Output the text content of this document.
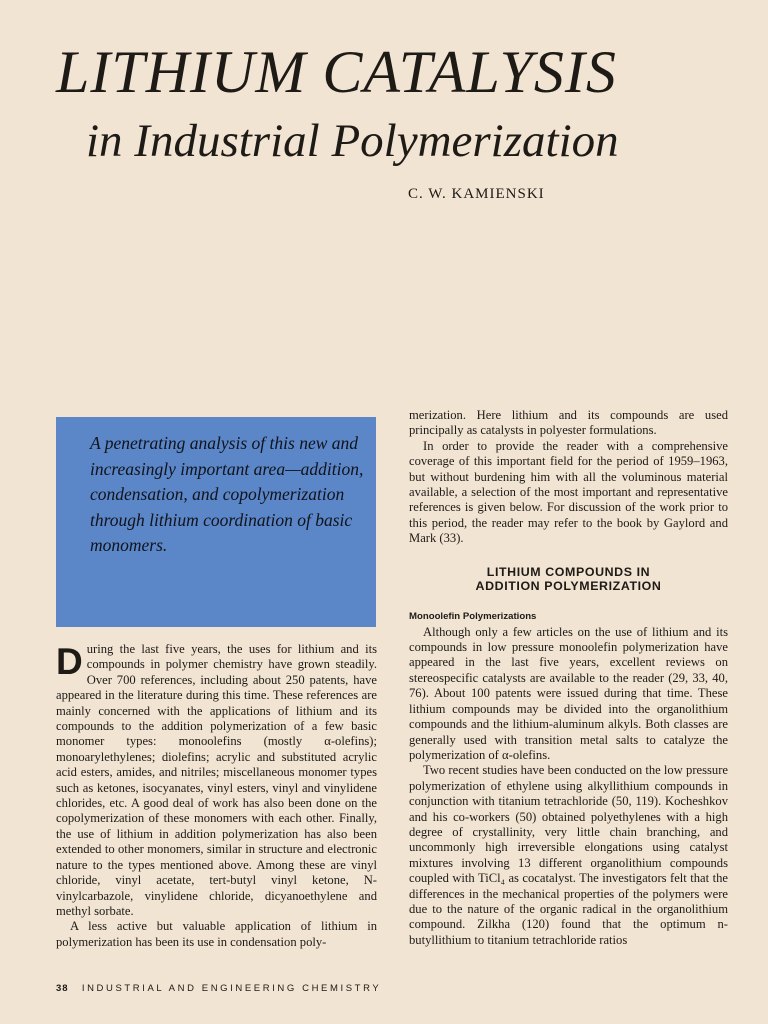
LITHIUM CATALYSIS
in Industrial Polymerization
C. W. KAMIENSKI

A penetrating analysis of this new and increasingly important area—addition, condensation, and copolymerization through lithium coordination of basic monomers.

During the last five years, the uses for lithium and its compounds in polymer chemistry have grown steadily. Over 700 references, including about 250 patents, have appeared in the literature during this time. These references are mainly concerned with the applications of lithium and its compounds to the addition polymerization of a few basic monomer types: monoolefins (mostly α-olefins); monoarylethylenes; diolefins; acrylic and substituted acrylic acid esters, amides, and nitriles; miscellaneous monomer types such as ketones, isocyanates, vinyl esters, vinyl and vinylidene chlorides, etc. A good deal of work has also been done on the copolymerization of these monomers with each other. Finally, the use of lithium in addition polymerization has also been extended to other monomers, similar in structure and electronic nature to the types mentioned above. Among these are vinyl chloride, vinyl acetate, tert-butyl vinyl ketone, N-vinylcarbazole, vinylidene chloride, dicyanoethylene and methyl sorbate.

A less active but valuable application of lithium in polymerization has been its use in condensation poly-

merization. Here lithium and its compounds are used principally as catalysts in polyester formulations.

In order to provide the reader with a comprehensive coverage of this important field for the period of 1959–1963, but without burdening him with all the voluminous material available, a selection of the most important and representative references is given below. For discussion of the work prior to this period, the reader may refer to the book by Gaylord and Mark (33).

LITHIUM COMPOUNDS IN
ADDITION POLYMERIZATION
Monoolefin Polymerizations

Although only a few articles on the use of lithium and its compounds in low pressure monoolefin polymerization have appeared in the last five years, excellent reviews on stereospecific catalysts are available to the reader (29, 33, 40, 76). About 100 patents were issued during that time. These lithium compounds may be divided into the organolithium compounds and the lithium-aluminum alkyls. Both classes are generally used with transition metal salts to catalyze the polymerization of α-olefins.

Two recent studies have been conducted on the low pressure polymerization of ethylene using alkyllithium compounds in conjunction with titanium tetrachloride (50, 119). Kocheshkov and his co-workers (50) obtained polyethylenes with a high degree of crystallinity, very little chain branching, and uncommonly high irreversible elongations using catalyst mixtures involving 13 different organolithium compounds coupled with TiCl₄ as cocatalyst. The investigators felt that the differences in the mechanical properties of the polymers were due to the nature of the organic radical in the organolithium compound. Zilkha (120) found that the optimum n-butyllithium to titanium tetrachloride ratios

38 INDUSTRIAL AND ENGINEERING CHEMISTRY
